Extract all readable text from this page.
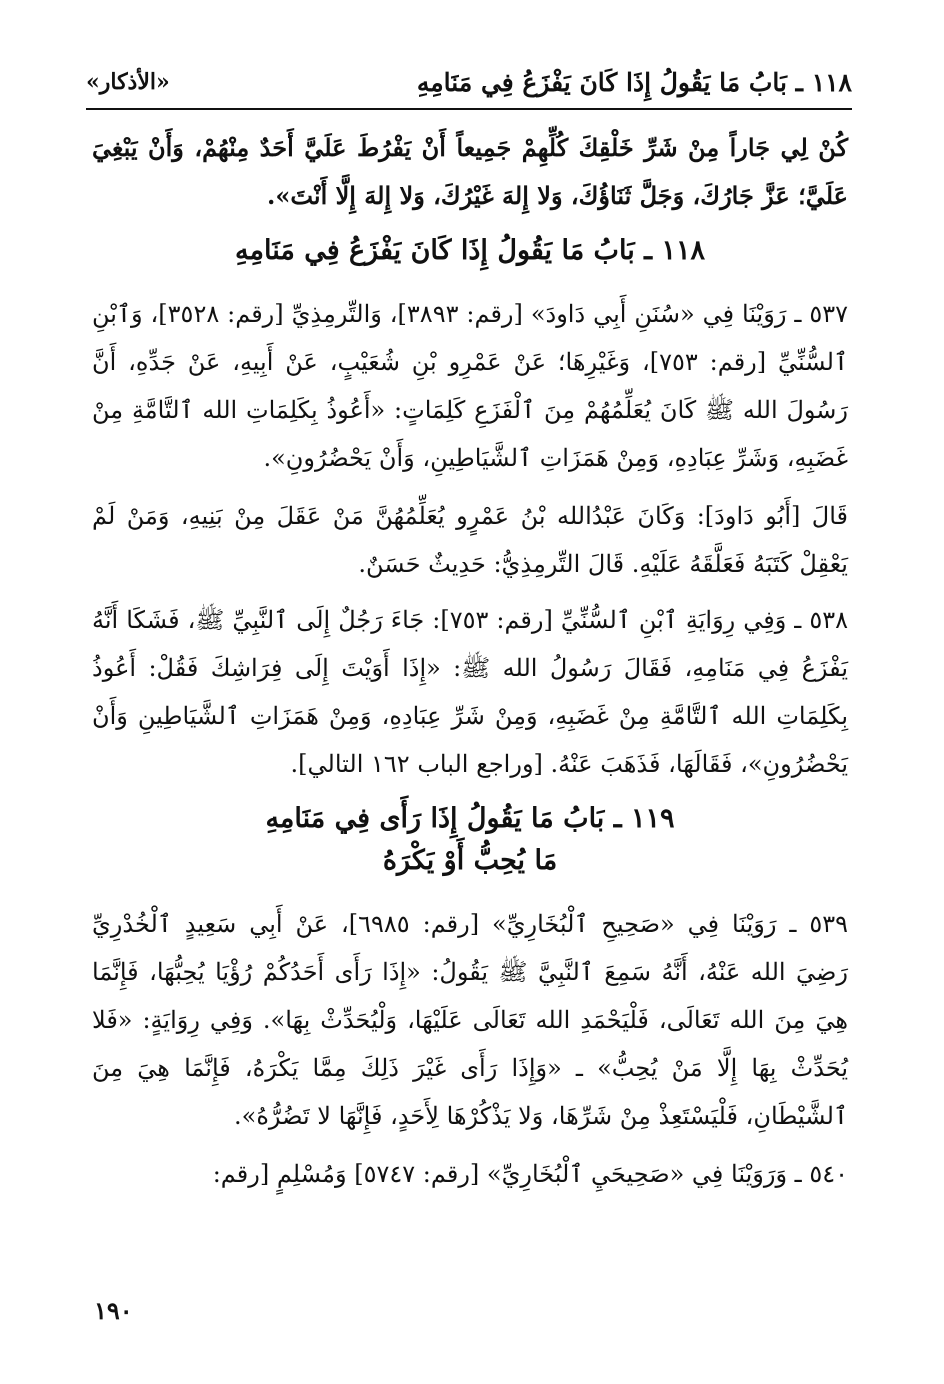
١١٨ ـ بَابُ مَا يَقُولُ إِذَا كَانَ يَفْزَعُ فِي مَنَامِهِ
«الأذكار»

كُنْ لِي جَاراً مِنْ شَرِّ خَلْقِكَ كُلِّهِمْ جَمِيعاً أَنْ يَفْرُطَ عَلَيَّ أَحَدٌ مِنْهُمْ، وَأَنْ يَبْغِيَ عَلَيَّ؛ عَزَّ جَارُكَ، وَجَلَّ ثَنَاؤُكَ، وَلا إِلهَ غَيْرُكَ، وَلا إِلهَ إِلَّا أَنْتَ».

١١٨ ـ بَابُ مَا يَقُولُ إِذَا كَانَ يَفْزَعُ فِي مَنَامِهِ

٥٣٧ ـ رَوَيْنَا فِي «سُنَنِ أَبِي دَاودَ» [رقم: ٣٨٩٣]، وَالتِّرمِذِيِّ [رقم: ٣٥٢٨]، وَٱبْنِ ٱلسُّنِّيِّ [رقم: ٧٥٣]، وَغَيْرِهَا؛ عَنْ عَمْرِو بْنِ شُعَيْبٍ، عَنْ أَبِيهِ، عَنْ جَدِّهِ، أَنَّ رَسُولَ الله ﷺ كَانَ يُعَلِّمُهُمْ مِنَ ٱلْفَزَعِ كَلِمَاتٍ: «أَعُوذُ بِكَلِمَاتِ الله ٱلتَّامَّةِ مِنْ غَضَبِهِ، وَشَرِّ عِبَادِهِ، وَمِنْ هَمَزَاتِ ٱلشَّيَاطِينِ، وَأَنْ يَحْضُرُونِ».

قَالَ [أَبُو دَاودَ]: وَكَانَ عَبْدُالله بْنُ عَمْرٍو يُعَلِّمُهُنَّ مَنْ عَقَلَ مِنْ بَنِيهِ، وَمَنْ لَمْ يَعْقِلْ كَتَبَهُ فَعَلَّقَهُ عَلَيْهِ. قَالَ التِّرمِذِيُّ: حَدِيثٌ حَسَنٌ.

٥٣٨ ـ وَفِي رِوَايَةِ ٱبْنِ ٱلسُّنِّيِّ [رقم: ٧٥٣]: جَاءَ رَجُلٌ إِلَى ٱلنَّبِيِّ ﷺ، فَشَكَا أَنَّهُ يَفْزَعُ فِي مَنَامِهِ، فَقَالَ رَسُولُ الله ﷺ: «إِذَا أَوَيْتَ إِلَى فِرَاشِكَ فَقُلْ: أَعُوذُ بِكَلِمَاتِ الله ٱلتَّامَّةِ مِنْ غَضَبِهِ، وَمِنْ شَرِّ عِبَادِهِ، وَمِنْ هَمَزَاتِ ٱلشَّيَاطِينِ وَأَنْ يَحْضُرُونِ»، فَقَالَهَا، فَذَهَبَ عَنْهُ. [وراجع الباب ١٦٢ التالي].

١١٩ ـ بَابُ مَا يَقُولُ إِذَا رَأَى فِي مَنَامِهِ
مَا يُحِبُّ أَوْ يَكْرَهُ

٥٣٩ ـ رَوَيْنَا فِي «صَحِيحِ ٱلْبُخَارِيِّ» [رقم: ٦٩٨٥]، عَنْ أَبِي سَعِيدٍ ٱلْخُدْرِيِّ رَضِيَ الله عَنْهُ، أَنَّهُ سَمِعَ ٱلنَّبِيَّ ﷺ يَقُولُ: «إِذَا رَأَى أَحَدُكُمْ رُؤْيَا يُحِبُّهَا، فَإِنَّمَا هِيَ مِنَ الله تَعَالَى، فَلْيَحْمَدِ الله تَعَالَى عَلَيْهَا، وَلْيُحَدِّثْ بِهَا». وَفِي رِوَايَةٍ: «فَلا يُحَدِّثْ بِهَا إِلَّا مَنْ يُحِبُّ» ـ «وَإِذَا رَأَى غَيْرَ ذَلِكَ مِمَّا يَكْرَهُ، فَإِنَّمَا هِيَ مِنَ ٱلشَّيْطَانِ، فَلْيَسْتَعِذْ مِنْ شَرِّهَا، وَلا يَذْكُرْهَا لِأَحَدٍ، فَإِنَّهَا لا تَضُرُّهُ».

٥٤٠ ـ وَرَوَيْنَا فِي «صَحِيحَيِ ٱلْبُخَارِيِّ» [رقم: ٥٧٤٧] وَمُسْلِمٍ [رقم:

١٩٠
